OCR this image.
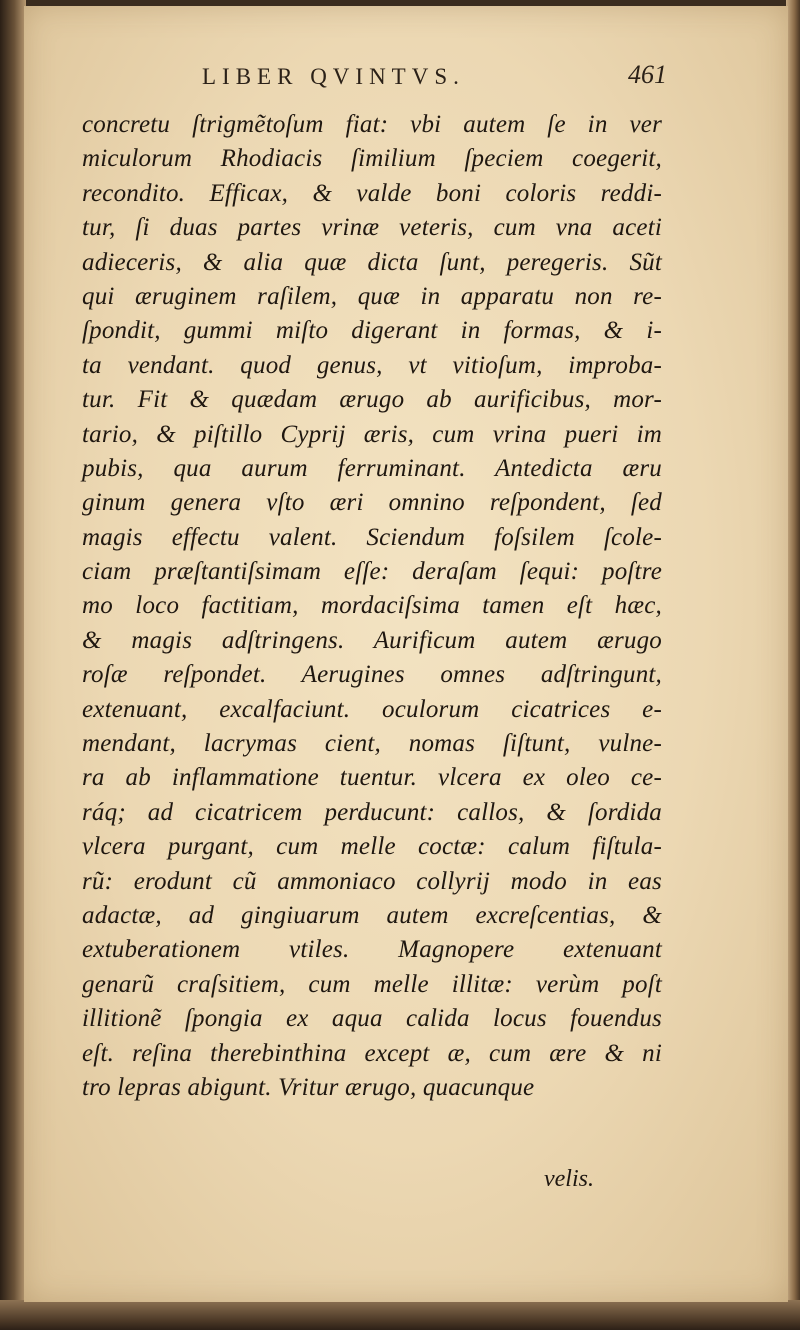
LIBER QVINTVS.	461
concretu ſtrigmẽtoſum fiat: vbi autem ſe in ver
miculorum Rhodiacis ſimilium ſpeciem coegerit,
recondito. Efficax, & valde boni coloris reddi-
tur, ſi duas partes vrinæ veteris, cum vna aceti
adieceris, & alia quæ dicta ſunt, peregeris. Sũt
qui æruginem raſilem, quæ in apparatu non re-
ſpondit, gummi miſto digerant in formas, & i-
ta vendant. quod genus, vt vitioſum, improba-
tur. Fit & quædam ærugo ab aurificibus, mor-
tario, & piſtillo Cyprij æris, cum vrina pueri im
pubis, qua aurum ferruminant. Antedicta æru
ginum genera vſto æri omnino reſpondent, ſed
magis effectu valent. Sciendum foſsilem ſcole-
ciam præſtantiſsimam eſſe: deraſam ſequi: poſtre
mo loco factitiam, mordaciſsima tamen eſt hæc,
& magis adſtringens. Aurificum autem ærugo
roſæ reſpondet. Aerugines omnes adſtringunt,
extenuant, excalfaciunt. oculorum cicatrices e-
mendant, lacrymas cient, nomas ſiſtunt, vulne-
ra ab inflammatione tuentur. vlcera ex oleo ce-
ráq; ad cicatricem perducunt: callos, & ſordida
vlcera purgant, cum melle coctæ: calum fiſtula-
rũ: erodunt cũ ammoniaco collyrij modo in eas
adactæ, ad gingiuarum autem excreſcentias, &
extuberationem vtiles. Magnopere extenuant
genarũ craſsitiem, cum melle illitæ: verùm poſt
illitionẽ ſpongia ex aqua calida locus fouendus
eſt. reſina therebinthina except æ, cum ære & ni
tro lepras abigunt. Vritur ærugo, quacunque
velis.
